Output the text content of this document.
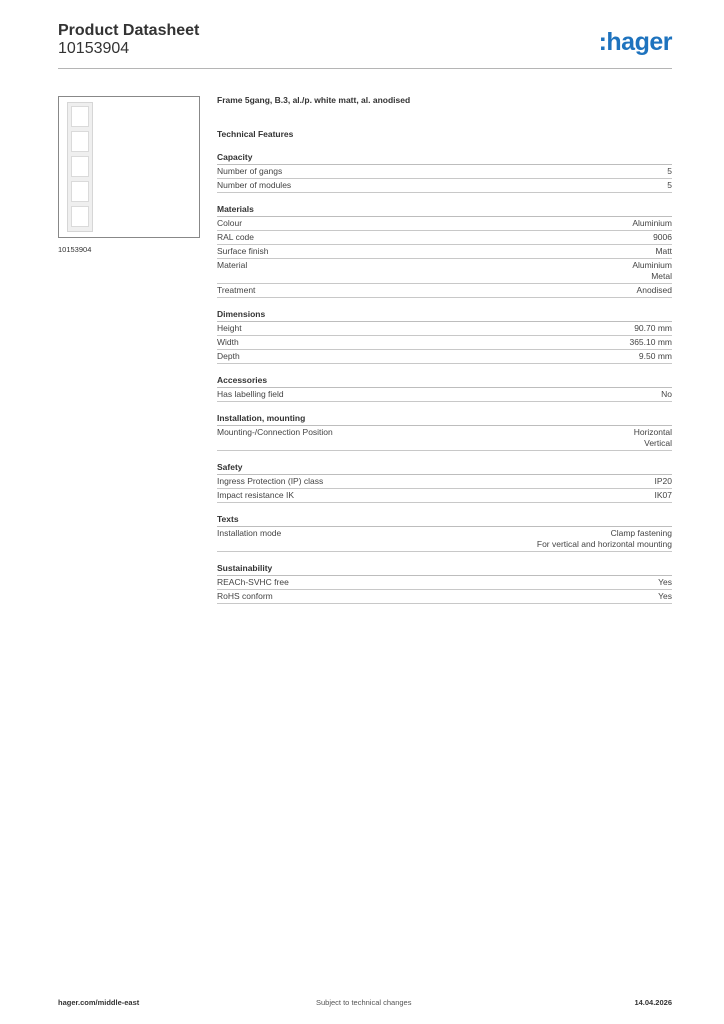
Product Datasheet
10153904	:hager
10153904
Frame 5gang, B.3, al./p. white matt, al. anodised
Technical Features
Capacity
Number of gangs	5
Number of modules	5
Materials
Colour	Aluminium
RAL code	9006
Surface finish	Matt
Material	Aluminium
Metal
Treatment	Anodised
Dimensions
Height	90.70 mm
Width	365.10 mm
Depth	9.50 mm
Accessories
Has labelling field	No
Installation, mounting
Mounting-/Connection Position	Horizontal
Vertical
Safety
Ingress Protection (IP) class	IP20
Impact resistance IK	IK07
Texts
Installation mode	Clamp fastening
For vertical and horizontal mounting
Sustainability
REACh-SVHC free	Yes
RoHS conform	Yes
hager.com/middle-east	Subject to technical changes	14.04.2026
